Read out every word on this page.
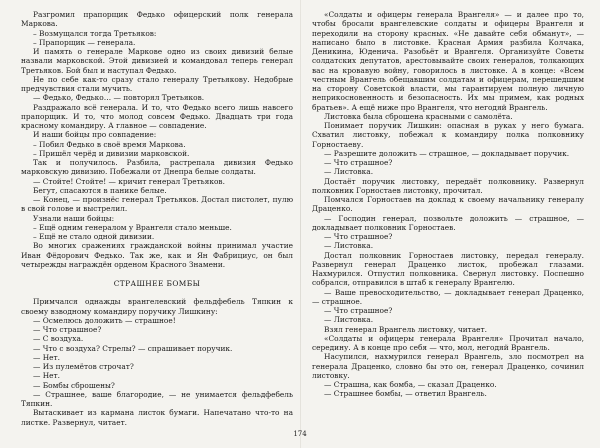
Разгромил прапорщик Федько офицерский полк генерала Маркова.

– Возмущался тогда Третьяков:

– Прапорщик — генерала.

И память о генерале Маркове одно из своих дивизий белые назвали марковской. Этой дивизией и командовал теперь генерал Третьяков. Бой был и наступал Федько.

Не по себе как-то сразу стало генералу Третьякову. Недобрые предчувствия стали мучить.

— Федько, Федько… — повторял Третьяков.

Раздражало всё генерала. И то, что Федько всего лишь навсего прапорщик. И то, что молод совсем Федько. Двадцать три года красному командиру. А главное — совпадение.

И наши бойцы про совпадение:

– Побил Федько в своё время Маркова.

– Пришёл черёд и дивизии марковской.

Так и получилось. Разбила, растрепала дивизия Федько марковскую дивизию. Побежали от Днепра белые солдаты.

— Стойте! Стойте! — кричит генерал Третьяков.

Бегут, спасаются в панике белые.

— Конец, — произнёс генерал Третьяков. Достал пистолет, пулю в свой голове и выстрелил.

Узнали наши бойцы:

– Ещё одним генералом у Врангеля стало меньше.

– Ещё не стало одной дивизии.

Во многих сражениях гражданской войны принимал участие Иван Фёдорович Федько. Так же, как и Ян Фабрициус, он был четырежды награждён орденом Красного Знамени.

СТРАШНЕЕ БОМБЫ

Примчался однажды врангелевский фельдфебель Тяпкин к своему взводному командиру поручику Лишкину:

— Осмелюсь доложить — страшное!

— Что страшное?

— С воздуха.

— Что с воздуха? Стрелы? — спрашивает поручик.

— Нет.

— Из пулемётов строчат?

— Нет.

— Бомбы сброшены?

— Страшнее, ваше благородие, — не унимается фельдфебель Тяпкин.

Вытаскивает из кармана листок бумаги. Напечатано что-то на листке. Развернул, читает.

«Солдаты и офицеры генерала Врангеля» — и далее про то, чтобы бросали врангелевские солдаты и офицеры Врангеля и переходили на сторону красных. «Не давайте себя обманут», — написано было в листовке. Красная Армия разбила Колчака, Деникина, Юденича. Разобьёт и Врангеля. Организуйте Советы солдатских депутатов, арестовывайте своих генералов, толкающих вас на кровавую войну, говорилось в листовке. А в конце: «Всем честным Врангель обещавшим солдатам и офицерам, перешедшим на сторону Советской власти, мы гарантируем полную личную неприкосновенность и безопасность. Их мы примем, как родных братьев». А ещё ниже про Врангеля, что негодяй Врангель.

Листовка была сброшена красными с самолёта.

Понимает поручик Лишкин: опасная в руках у него бумага. Схватил листовку, побежал к командиру полка полковнику Горностаеву.

— Разрешите доложить — страшное, — докладывает поручик.

— Что страшное?

— Листовка.

Достаёт поручик листовку, передаёт полковнику. Развернул полковник Горностаев листовку, прочитал.

Помчался Горностаев на доклад к своему начальнику генералу Драценко.

— Господин генерал, позвольте доложить — страшное, — докладывает полковник Горностаев.

— Что страшное?

— Листовка.

Достал полковник Горностаев листовку, передал генералу. Развернул генерал Драценко листок, пробежал глазами. Нахмурился. Отпустил полковника. Свернул листовку. Поспешно собрался, отправился в штаб к генералу Врангелю.

— Ваше превосходительство, — докладывает генерал Драценко, — страшное.

— Что страшное?

— Листовка.

Взял генерал Врангель листовку, читает.

«Солдаты и офицеры генерала Врангеля» Прочитал начало, середину. А в конце про себя — что, мол, негодяй Врангель.

Насупился, нахмурился генерал Врангель, зло посмотрел на генерала Драценко, словно бы это он, генерал Драценко, сочинил листовку.

— Страшна, как бомба, — сказал Драценко.

— Страшнее бомбы, — ответил Врангель.

174
